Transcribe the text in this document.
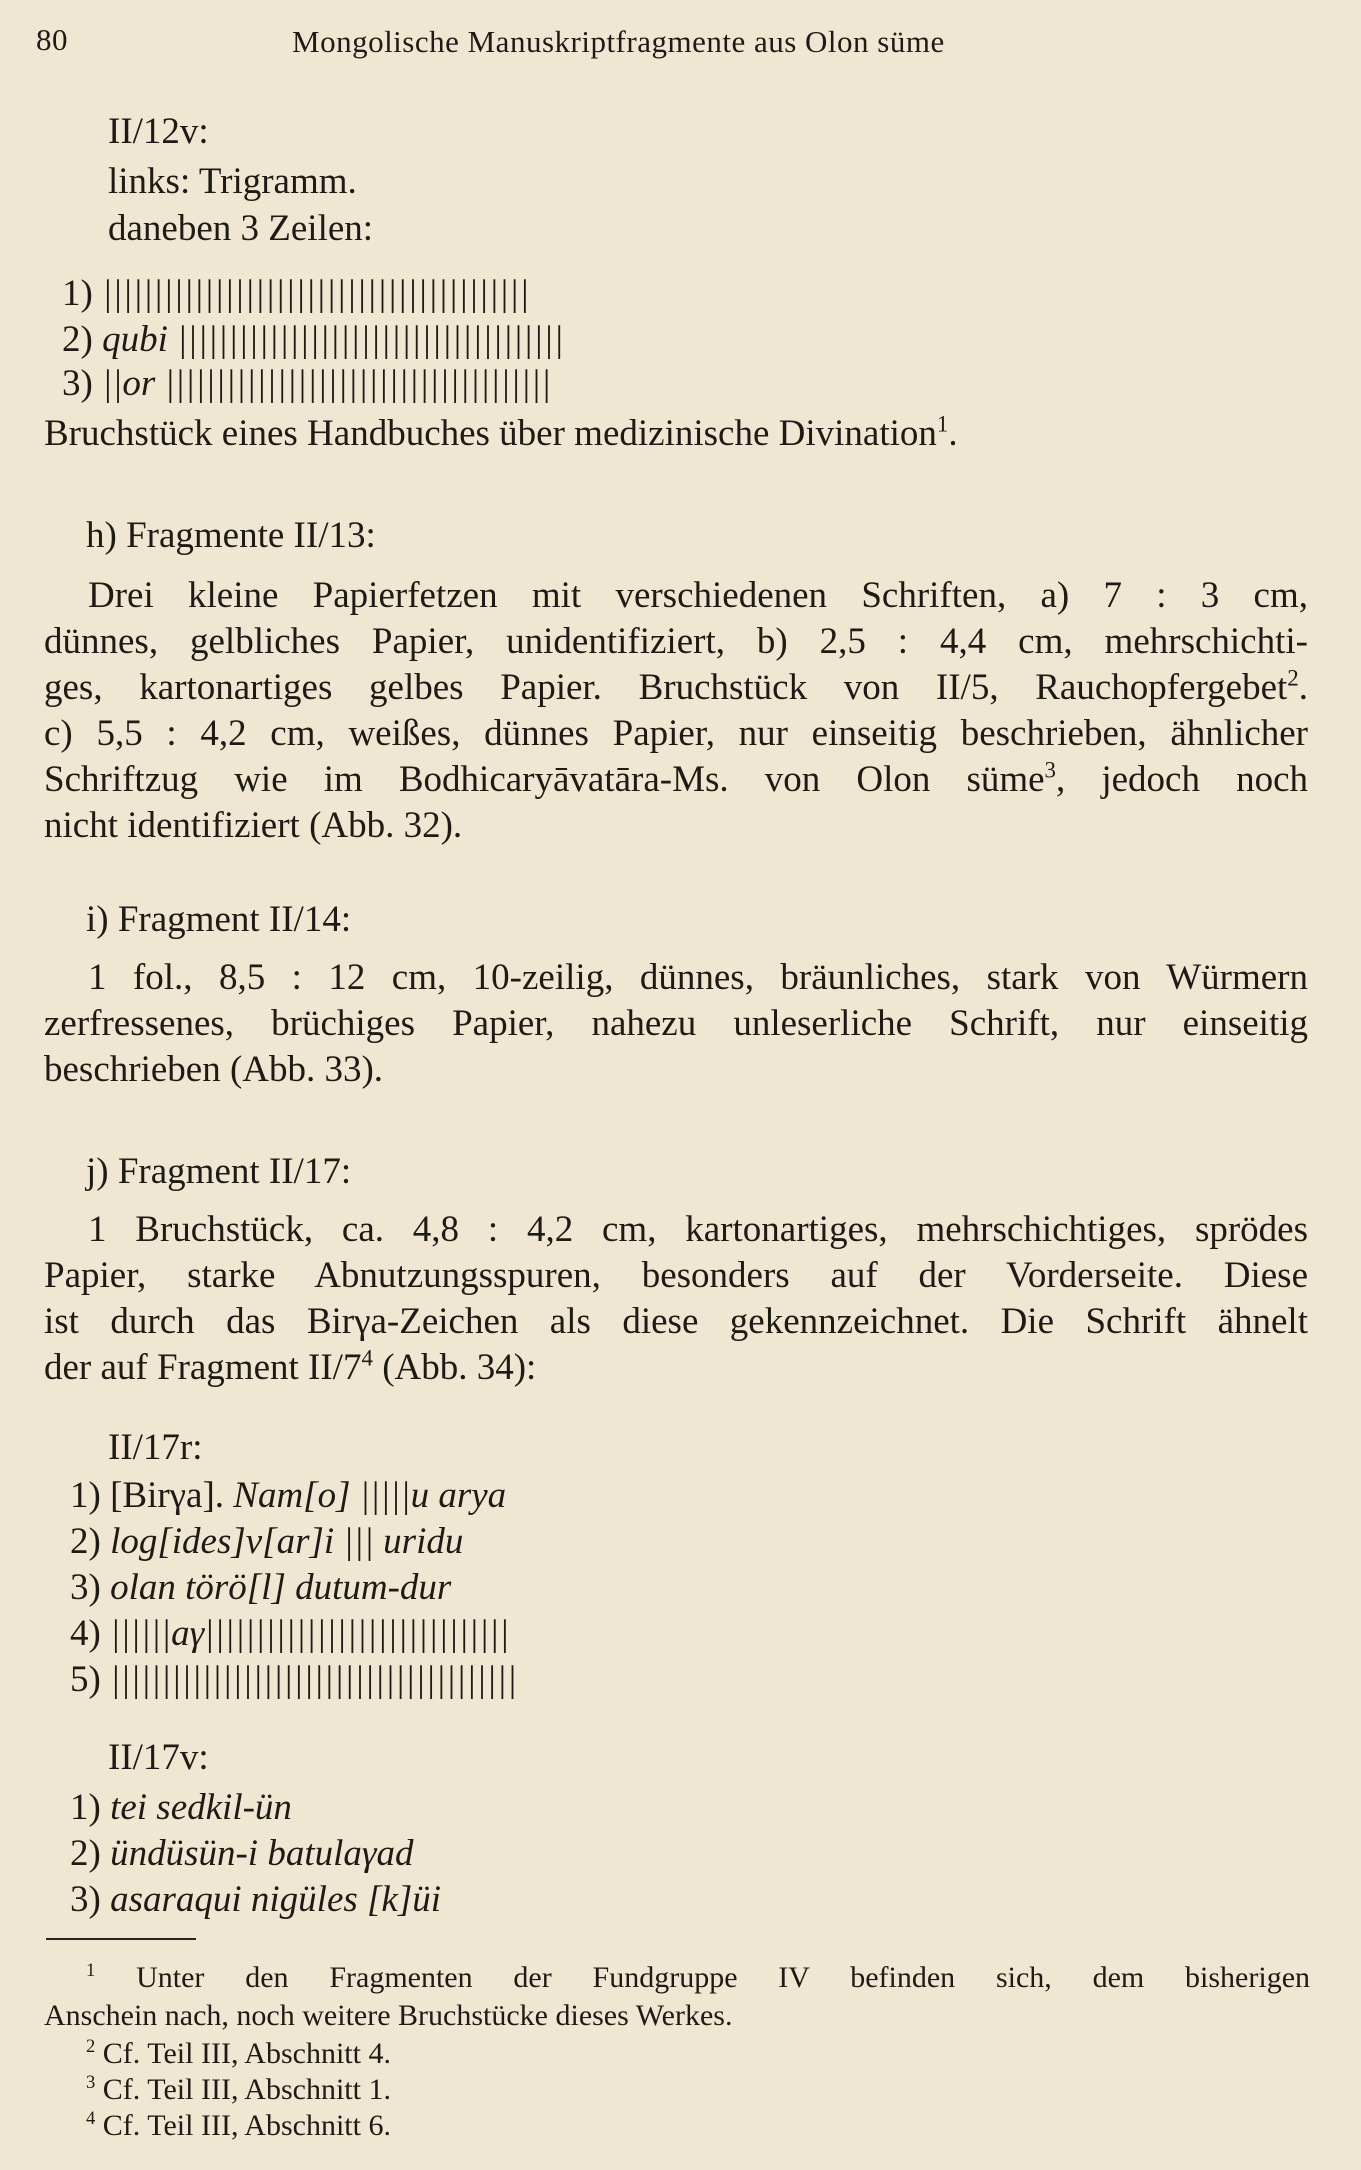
80	Mongolische Manuskriptfragmente aus Olon süme
II/12v:
links: Trigramm.
daneben 3 Zeilen:
1) ||||||||||||||||||||||||||||||||||||||||||
2) qubi ||||||||||||||||||||||||||||||||||||||
3) ||or ||||||||||||||||||||||||||||||||||||||
Bruchstück eines Handbuches über medizinische Divination$^1$.
h) Fragmente II/13:
Drei kleine Papierfetzen mit verschiedenen Schriften, a) 7 : 3 cm,
dünnes, gelbliches Papier, unidentifiziert, b) 2,5 : 4,4 cm, mehrschichti-
ges, kartonartiges gelbes Papier. Bruchstück von II/5, Rauchopfergebet$^2$.
c) 5,5 : 4,2 cm, weißes, dünnes Papier, nur einseitig beschrieben, ähnlicher
Schriftzug wie im Bodhicaryāvatāra-Ms. von Olon süme$^3$, jedoch noch
nicht identifiziert (Abb. 32).
i) Fragment II/14:
1 fol., 8,5 : 12 cm, 10-zeilig, dünnes, bräunliches, stark von Würmern
zerfressenes, brüchiges Papier, nahezu unleserliche Schrift, nur einseitig
beschrieben (Abb. 33).
j) Fragment II/17:
1 Bruchstück, ca. 4,8 : 4,2 cm, kartonartiges, mehrschichtiges, sprödes
Papier, starke Abnutzungsspuren, besonders auf der Vorderseite. Diese
ist durch das Birγa-Zeichen als diese gekennzeichnet. Die Schrift ähnelt
der auf Fragment $II/7^4$ (Abb. 34):
II/17r:
1) [Birγa]. Nam[o] |||||u arya
2) log[ides]v[ar]i ||| uridu
3) olan törö[l] dutum-dur
4) ||||||aγ||||||||||||||||||||||||||||||
5) ||||||||||||||||||||||||||||||||||||||||
II/17v:
1) tei sedkil-ün
2) ündüsün-i batulaγad
3) asaraqui nigüles [k]üi
$^1$ Unter den Fragmenten der Fundgruppe IV befinden sich, dem bisherigen
Anschein nach, noch weitere Bruchstücke dieses Werkes.
$^2$ Cf. Teil III, Abschnitt 4.
$^3$ Cf. Teil III, Abschnitt 1.
$^4$ Cf. Teil III, Abschnitt 6.
